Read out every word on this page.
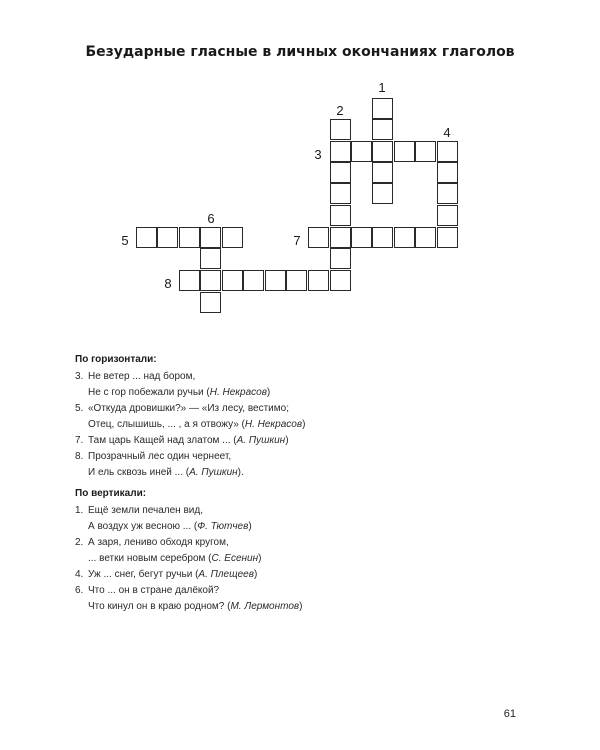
Безударные гласные в личных окончаниях глаголов
1
2
3
4
5
6
7
8
По горизонтали:
3. Не ветер ... над бором,
Не с гор побежали ручьи (Н. Некрасов)
5. «Откуда дровишки?» — «Из лесу, вестимо;
Отец, слышишь, ... , а я отвожу» (Н. Некрасов)
7. Там царь Кащей над златом ... (А. Пушкин)
8. Прозрачный лес один чернеет,
И ель сквозь иней ... (А. Пушкин).
По вертикали:
1. Ещё земли печален вид,
А воздух уж весною ... (Ф. Тютчев)
2. А заря, лениво обходя кругом,
... ветки новым серебром (С. Есенин)
4. Уж ... снег, бегут ручьи (А. Плещеев)
6. Что ... он в стране далёкой?
Что кинул он в краю родном? (М. Лермонтов)
61
